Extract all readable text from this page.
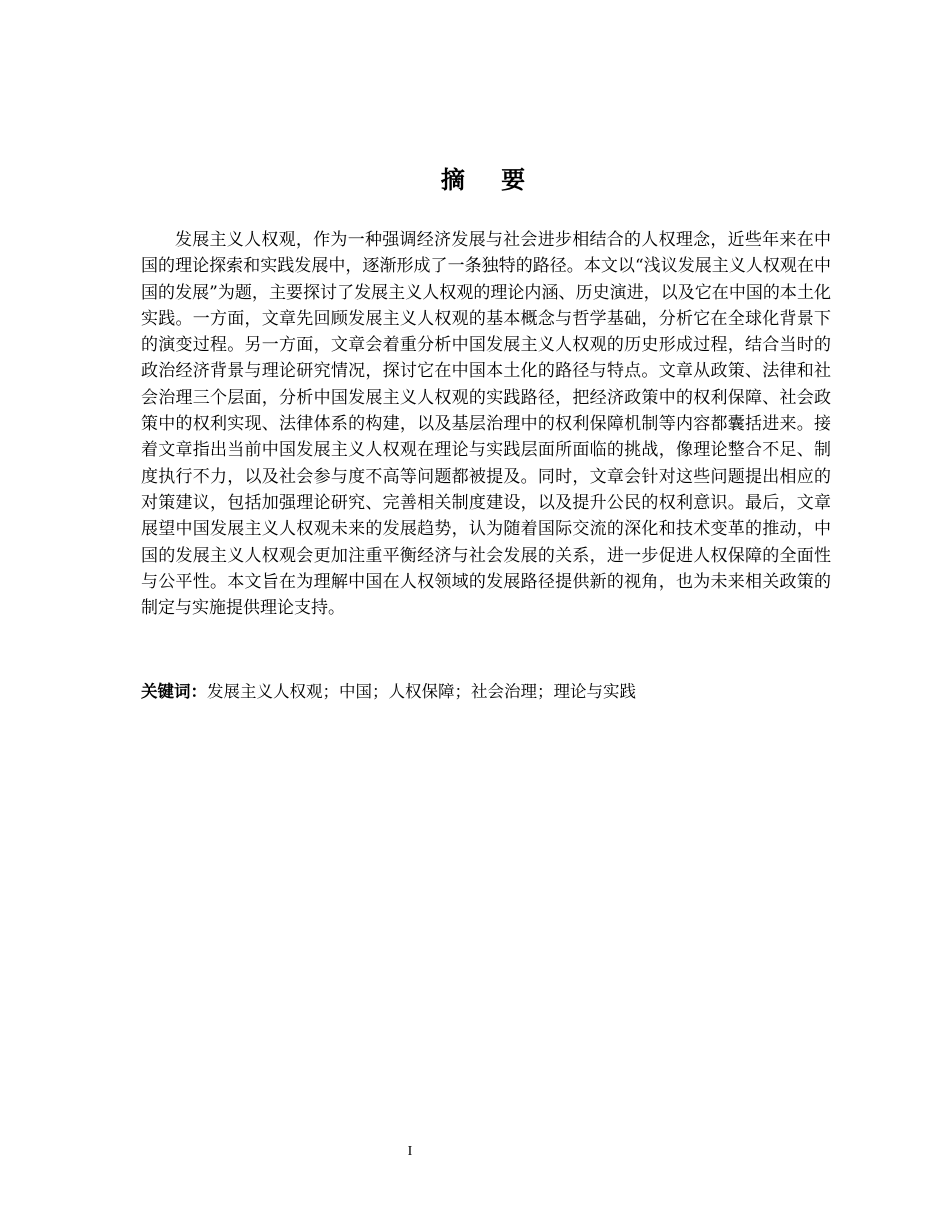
摘 要

发展主义人权观，作为一种强调经济发展与社会进步相结合的人权理念，近些年来在中国的理论探索和实践发展中，逐渐形成了一条独特的路径。本文以“浅议发展主义人权观在中国的发展”为题，主要探讨了发展主义人权观的理论内涵、历史演进，以及它在中国的本土化实践。一方面，文章先回顾发展主义人权观的基本概念与哲学基础，分析它在全球化背景下的演变过程。另一方面，文章会着重分析中国发展主义人权观的历史形成过程，结合当时的政治经济背景与理论研究情况，探讨它在中国本土化的路径与特点。文章从政策、法律和社会治理三个层面，分析中国发展主义人权观的实践路径，把经济政策中的权利保障、社会政策中的权利实现、法律体系的构建，以及基层治理中的权利保障机制等内容都囊括进来。接着文章指出当前中国发展主义人权观在理论与实践层面所面临的挑战，像理论整合不足、制度执行不力，以及社会参与度不高等问题都被提及。同时，文章会针对这些问题提出相应的对策建议，包括加强理论研究、完善相关制度建设，以及提升公民的权利意识。最后，文章展望中国发展主义人权观未来的发展趋势，认为随着国际交流的深化和技术变革的推动，中国的发展主义人权观会更加注重平衡经济与社会发展的关系，进一步促进人权保障的全面性与公平性。本文旨在为理解中国在人权领域的发展路径提供新的视角，也为未来相关政策的制定与实施提供理论支持。

关键词：发展主义人权观；中国；人权保障；社会治理；理论与实践

I
